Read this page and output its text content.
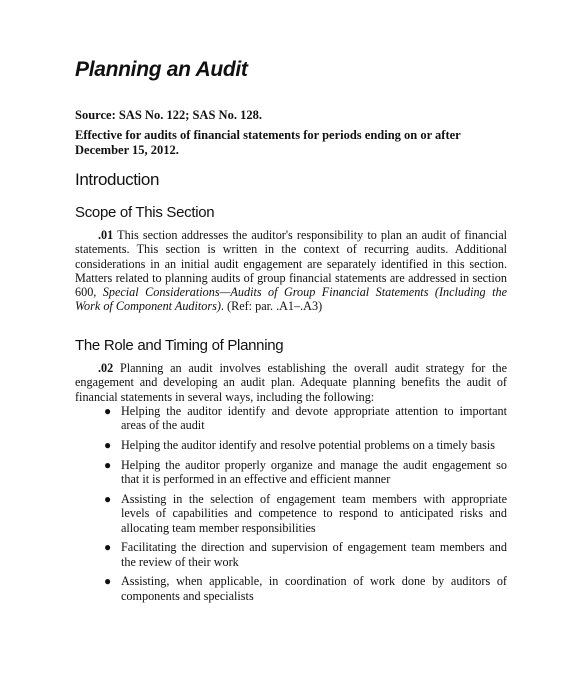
Planning an Audit

Source: SAS No. 122; SAS No. 128.

Effective for audits of financial statements for periods ending on or after December 15, 2012.

Introduction
Scope of This Section

.01 This section addresses the auditor's responsibility to plan an audit of financial statements. This section is written in the context of recurring audits. Additional considerations in an initial audit engagement are separately identified in this section. Matters related to planning audits of group financial statements are addressed in section 600, Special Considerations—Audits of Group Financial Statements (Including the Work of Component Auditors). (Ref: par. .A1–.A3)

The Role and Timing of Planning

.02 Planning an audit involves establishing the overall audit strategy for the engagement and developing an audit plan. Adequate planning benefits the audit of financial statements in several ways, including the following:

● Helping the auditor identify and devote appropriate attention to important areas of the audit
● Helping the auditor identify and resolve potential problems on a timely basis
● Helping the auditor properly organize and manage the audit engagement so that it is performed in an effective and efficient manner
● Assisting in the selection of engagement team members with appropriate levels of capabilities and competence to respond to anticipated risks and allocating team member responsibilities
● Facilitating the direction and supervision of engagement team members and the review of their work
● Assisting, when applicable, in coordination of work done by auditors of components and specialists
